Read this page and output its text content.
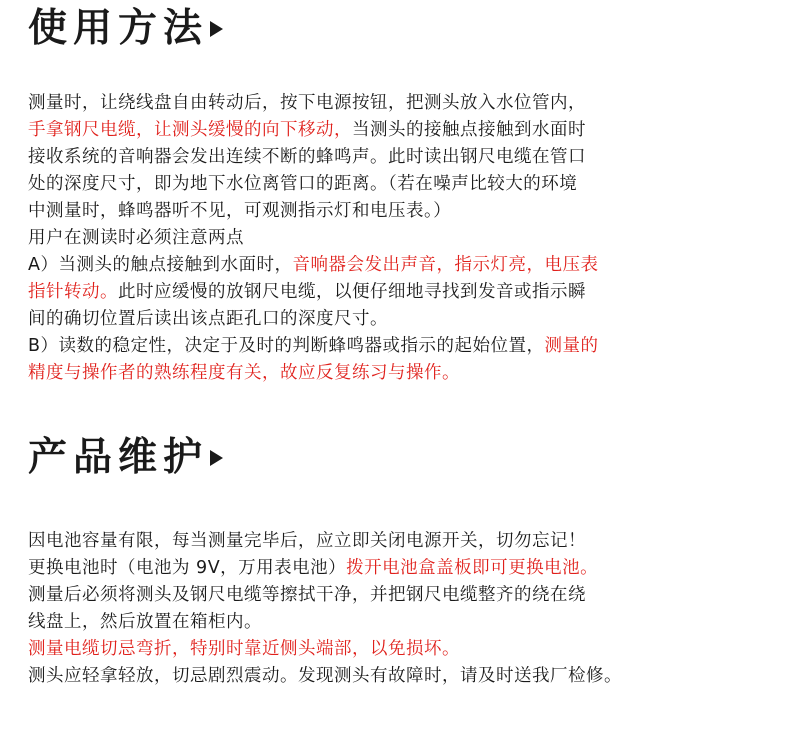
使用方法
测量时，让绕线盘自由转动后，按下电源按钮，把测头放入水位管内，
手拿钢尺电缆，让测头缓慢的向下移动，当测头的接触点接触到水面时
接收系统的音响器会发出连续不断的蜂鸣声。此时读出钢尺电缆在管口
处的深度尺寸，即为地下水位离管口的距离。（若在噪声比较大的环境
中测量时，蜂鸣器听不见，可观测指示灯和电压表。）
用户在测读时必须注意两点
A）当测头的触点接触到水面时，音响器会发出声音，指示灯亮，电压表
指针转动。此时应缓慢的放钢尺电缆，以便仔细地寻找到发音或指示瞬
间的确切位置后读出该点距孔口的深度尺寸。
B）读数的稳定性，决定于及时的判断蜂鸣器或指示的起始位置，测量的
精度与操作者的熟练程度有关，故应反复练习与操作。
产品维护
因电池容量有限，每当测量完毕后，应立即关闭电源开关，切勿忘记！
更换电池时（电池为 9V，万用表电池）拨开电池盒盖板即可更换电池。
测量后必须将测头及钢尺电缆等擦拭干净，并把钢尺电缆整齐的绕在绕
线盘上，然后放置在箱柜内。
测量电缆切忌弯折，特别时靠近侧头端部，以免损坏。
测头应轻拿轻放，切忌剧烈震动。发现测头有故障时，请及时送我厂检修。
